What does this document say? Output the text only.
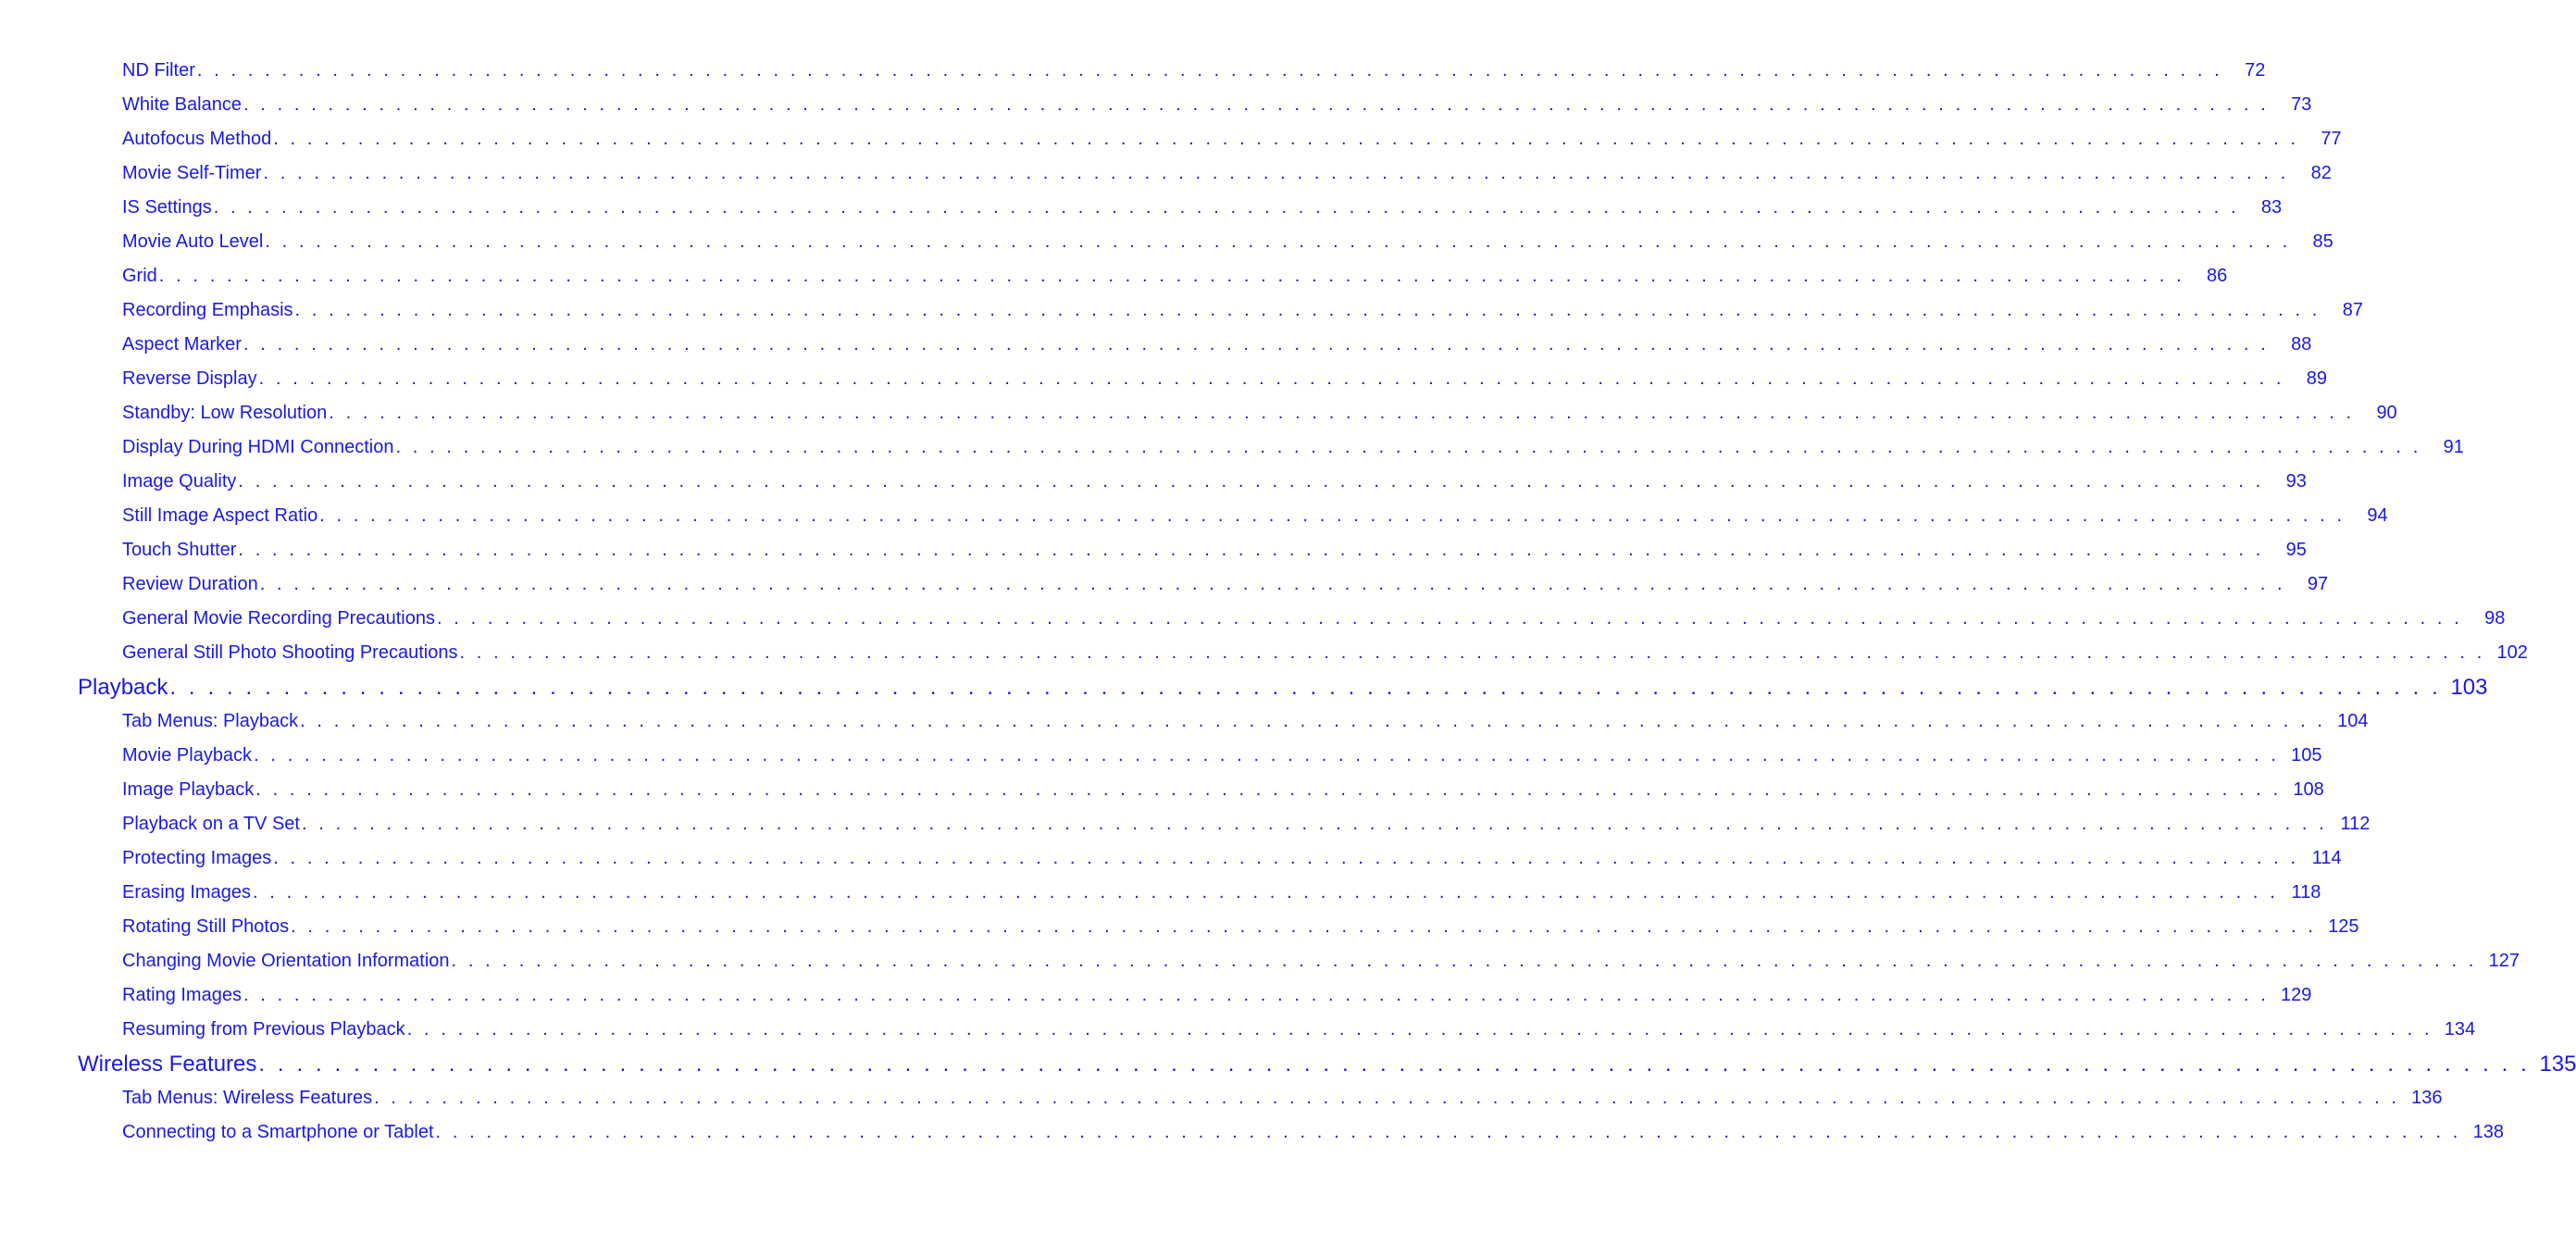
ND Filter . . . . . . . . . . . . . . . . . . . . . . . . . . . . . . . . . . . . . . . . . . . . . . . . . . . . . . . . . . . . . . . . . . . . . . . . . . . . . . . . . . . . . . . . . . . . . . . . . . . . . . . . . . . . . . . . . . . . . . . .	72
White Balance . . . . . . . . . . . . . . . . . . . . . . . . . . . . . . . . . . . . . . . . . . . . . . . . . . . . . . . . . . . . . . . . . . . . . . . . . . . . . . . . . . . . . . . . . . . . . . . . . . . . . . . . . . . . . . . . . . . . . . . .	73
Autofocus Method . . . . . . . . . . . . . . . . . . . . . . . . . . . . . . . . . . . . . . . . . . . . . . . . . . . . . . . . . . . . . . . . . . . . . . . . . . . . . . . . . . . . . . . . . . . . . . . . . . . . . . . . . . . . . . . . . . . . . . . .	77
Movie Self-Timer . . . . . . . . . . . . . . . . . . . . . . . . . . . . . . . . . . . . . . . . . . . . . . . . . . . . . . . . . . . . . . . . . . . . . . . . . . . . . . . . . . . . . . . . . . . . . . . . . . . . . . . . . . . . . . . . . . . . . . . .	82
IS Settings . . . . . . . . . . . . . . . . . . . . . . . . . . . . . . . . . . . . . . . . . . . . . . . . . . . . . . . . . . . . . . . . . . . . . . . . . . . . . . . . . . . . . . . . . . . . . . . . . . . . . . . . . . . . . . . . . . . . . . . .	83
Movie Auto Level . . . . . . . . . . . . . . . . . . . . . . . . . . . . . . . . . . . . . . . . . . . . . . . . . . . . . . . . . . . . . . . . . . . . . . . . . . . . . . . . . . . . . . . . . . . . . . . . . . . . . . . . . . . . . . . . . . . . . . . .	85
Grid . . . . . . . . . . . . . . . . . . . . . . . . . . . . . . . . . . . . . . . . . . . . . . . . . . . . . . . . . . . . . . . . . . . . . . . . . . . . . . . . . . . . . . . . . . . . . . . . . . . . . . . . . . . . . . . . . . . . . . . .	86
Recording Emphasis . . . . . . . . . . . . . . . . . . . . . . . . . . . . . . . . . . . . . . . . . . . . . . . . . . . . . . . . . . . . . . . . . . . . . . . . . . . . . . . . . . . . . . . . . . . . . . . . . . . . . . . . . . . . . . . . . . . . . . . .	87
Aspect Marker . . . . . . . . . . . . . . . . . . . . . . . . . . . . . . . . . . . . . . . . . . . . . . . . . . . . . . . . . . . . . . . . . . . . . . . . . . . . . . . . . . . . . . . . . . . . . . . . . . . . . . . . . . . . . . . . . . . . . . . .	88
Reverse Display . . . . . . . . . . . . . . . . . . . . . . . . . . . . . . . . . . . . . . . . . . . . . . . . . . . . . . . . . . . . . . . . . . . . . . . . . . . . . . . . . . . . . . . . . . . . . . . . . . . . . . . . . . . . . . . . . . . . . . . .	89
Standby: Low Resolution . . . . . . . . . . . . . . . . . . . . . . . . . . . . . . . . . . . . . . . . . . . . . . . . . . . . . . . . . . . . . . . . . . . . . . . . . . . . . . . . . . . . . . . . . . . . . . . . . . . . . . . . . . . . . . . . . . . . . . . .	90
Display During HDMI Connection . . . . . . . . . . . . . . . . . . . . . . . . . . . . . . . . . . . . . . . . . . . . . . . . . . . . . . . . . . . . . . . . . . . . . . . . . . . . . . . . . . . . . . . . . . . . . . . . . . . . . . . . . . . . . . . . . . . . . . . .	91
Image Quality . . . . . . . . . . . . . . . . . . . . . . . . . . . . . . . . . . . . . . . . . . . . . . . . . . . . . . . . . . . . . . . . . . . . . . . . . . . . . . . . . . . . . . . . . . . . . . . . . . . . . . . . . . . . . . . . . . . . . . . .	93
Still Image Aspect Ratio . . . . . . . . . . . . . . . . . . . . . . . . . . . . . . . . . . . . . . . . . . . . . . . . . . . . . . . . . . . . . . . . . . . . . . . . . . . . . . . . . . . . . . . . . . . . . . . . . . . . . . . . . . . . . . . . . . . . . . . .	94
Touch Shutter . . . . . . . . . . . . . . . . . . . . . . . . . . . . . . . . . . . . . . . . . . . . . . . . . . . . . . . . . . . . . . . . . . . . . . . . . . . . . . . . . . . . . . . . . . . . . . . . . . . . . . . . . . . . . . . . . . . . . . . .	95
Review Duration . . . . . . . . . . . . . . . . . . . . . . . . . . . . . . . . . . . . . . . . . . . . . . . . . . . . . . . . . . . . . . . . . . . . . . . . . . . . . . . . . . . . . . . . . . . . . . . . . . . . . . . . . . . . . . . . . . . . . . . .	97
General Movie Recording Precautions . . . . . . . . . . . . . . . . . . . . . . . . . . . . . . . . . . . . . . . . . . . . . . . . . . . . . . . . . . . . . . . . . . . . . . . . . . . . . . . . . . . . . . . . . . . . . . . . . . . . . . . . . . . . . . . . . . . . . . . .	98
General Still Photo Shooting Precautions . . . . . . . . . . . . . . . . . . . . . . . . . . . . . . . . . . . . . . . . . . . . . . . . . . . . . . . . . . . . . . . . . . . . . . . . . . . . . . . . . . . . . . . . . . . . . . . . . . . . . . . . . . . . . . . . . . . . . . . . 102
Playback . . . . . . . . . . . . . . . . . . . . . . . . . . . . . . . . . . . . . . . . . . . . . . . . . . . . . . . . . . . . . . . . . . . . . . . . . . . . . . . . . . . . . . . . . . . . . . . . . . . . . . . . . . . . . . . . . . . . . . . . 103
Tab Menus: Playback . . . . . . . . . . . . . . . . . . . . . . . . . . . . . . . . . . . . . . . . . . . . . . . . . . . . . . . . . . . . . . . . . . . . . . . . . . . . . . . . . . . . . . . . . . . . . . . . . . . . . . . . . . . . . . . . . . . . . . . . 104
Movie Playback . . . . . . . . . . . . . . . . . . . . . . . . . . . . . . . . . . . . . . . . . . . . . . . . . . . . . . . . . . . . . . . . . . . . . . . . . . . . . . . . . . . . . . . . . . . . . . . . . . . . . . . . . . . . . . . . . . . . . . . . 105
Image Playback . . . . . . . . . . . . . . . . . . . . . . . . . . . . . . . . . . . . . . . . . . . . . . . . . . . . . . . . . . . . . . . . . . . . . . . . . . . . . . . . . . . . . . . . . . . . . . . . . . . . . . . . . . . . . . . . . . . . . . . . 108
Playback on a TV Set . . . . . . . . . . . . . . . . . . . . . . . . . . . . . . . . . . . . . . . . . . . . . . . . . . . . . . . . . . . . . . . . . . . . . . . . . . . . . . . . . . . . . . . . . . . . . . . . . . . . . . . . . . . . . . . . . . . . . . . . 112
Protecting Images . . . . . . . . . . . . . . . . . . . . . . . . . . . . . . . . . . . . . . . . . . . . . . . . . . . . . . . . . . . . . . . . . . . . . . . . . . . . . . . . . . . . . . . . . . . . . . . . . . . . . . . . . . . . . . . . . . . . . . . . 114
Erasing Images . . . . . . . . . . . . . . . . . . . . . . . . . . . . . . . . . . . . . . . . . . . . . . . . . . . . . . . . . . . . . . . . . . . . . . . . . . . . . . . . . . . . . . . . . . . . . . . . . . . . . . . . . . . . . . . . . . . . . . . . 118
Rotating Still Photos . . . . . . . . . . . . . . . . . . . . . . . . . . . . . . . . . . . . . . . . . . . . . . . . . . . . . . . . . . . . . . . . . . . . . . . . . . . . . . . . . . . . . . . . . . . . . . . . . . . . . . . . . . . . . . . . . . . . . . . . 125
Changing Movie Orientation Information . . . . . . . . . . . . . . . . . . . . . . . . . . . . . . . . . . . . . . . . . . . . . . . . . . . . . . . . . . . . . . . . . . . . . . . . . . . . . . . . . . . . . . . . . . . . . . . . . . . . . . . . . . . . . . . . . . . . . . . . 127
Rating Images . . . . . . . . . . . . . . . . . . . . . . . . . . . . . . . . . . . . . . . . . . . . . . . . . . . . . . . . . . . . . . . . . . . . . . . . . . . . . . . . . . . . . . . . . . . . . . . . . . . . . . . . . . . . . . . . . . . . . . . . 129
Resuming from Previous Playback . . . . . . . . . . . . . . . . . . . . . . . . . . . . . . . . . . . . . . . . . . . . . . . . . . . . . . . . . . . . . . . . . . . . . . . . . . . . . . . . . . . . . . . . . . . . . . . . . . . . . . . . . . . . . . . . . . . . . . . . 134
Wireless Features . . . . . . . . . . . . . . . . . . . . . . . . . . . . . . . . . . . . . . . . . . . . . . . . . . . . . . . . . . . . . . . . . . . . . . . . . . . . . . . . . . . . . . . . . . . . . . . . . . . . . . . . . . . . . . . . . . . . . . . . 135
Tab Menus: Wireless Features . . . . . . . . . . . . . . . . . . . . . . . . . . . . . . . . . . . . . . . . . . . . . . . . . . . . . . . . . . . . . . . . . . . . . . . . . . . . . . . . . . . . . . . . . . . . . . . . . . . . . . . . . . . . . . . . . . . . . . . . 136
Connecting to a Smartphone or Tablet . . . . . . . . . . . . . . . . . . . . . . . . . . . . . . . . . . . . . . . . . . . . . . . . . . . . . . . . . . . . . . . . . . . . . . . . . . . . . . . . . . . . . . . . . . . . . . . . . . . . . . . . . . . . . . . . . . . . . . . . 138
